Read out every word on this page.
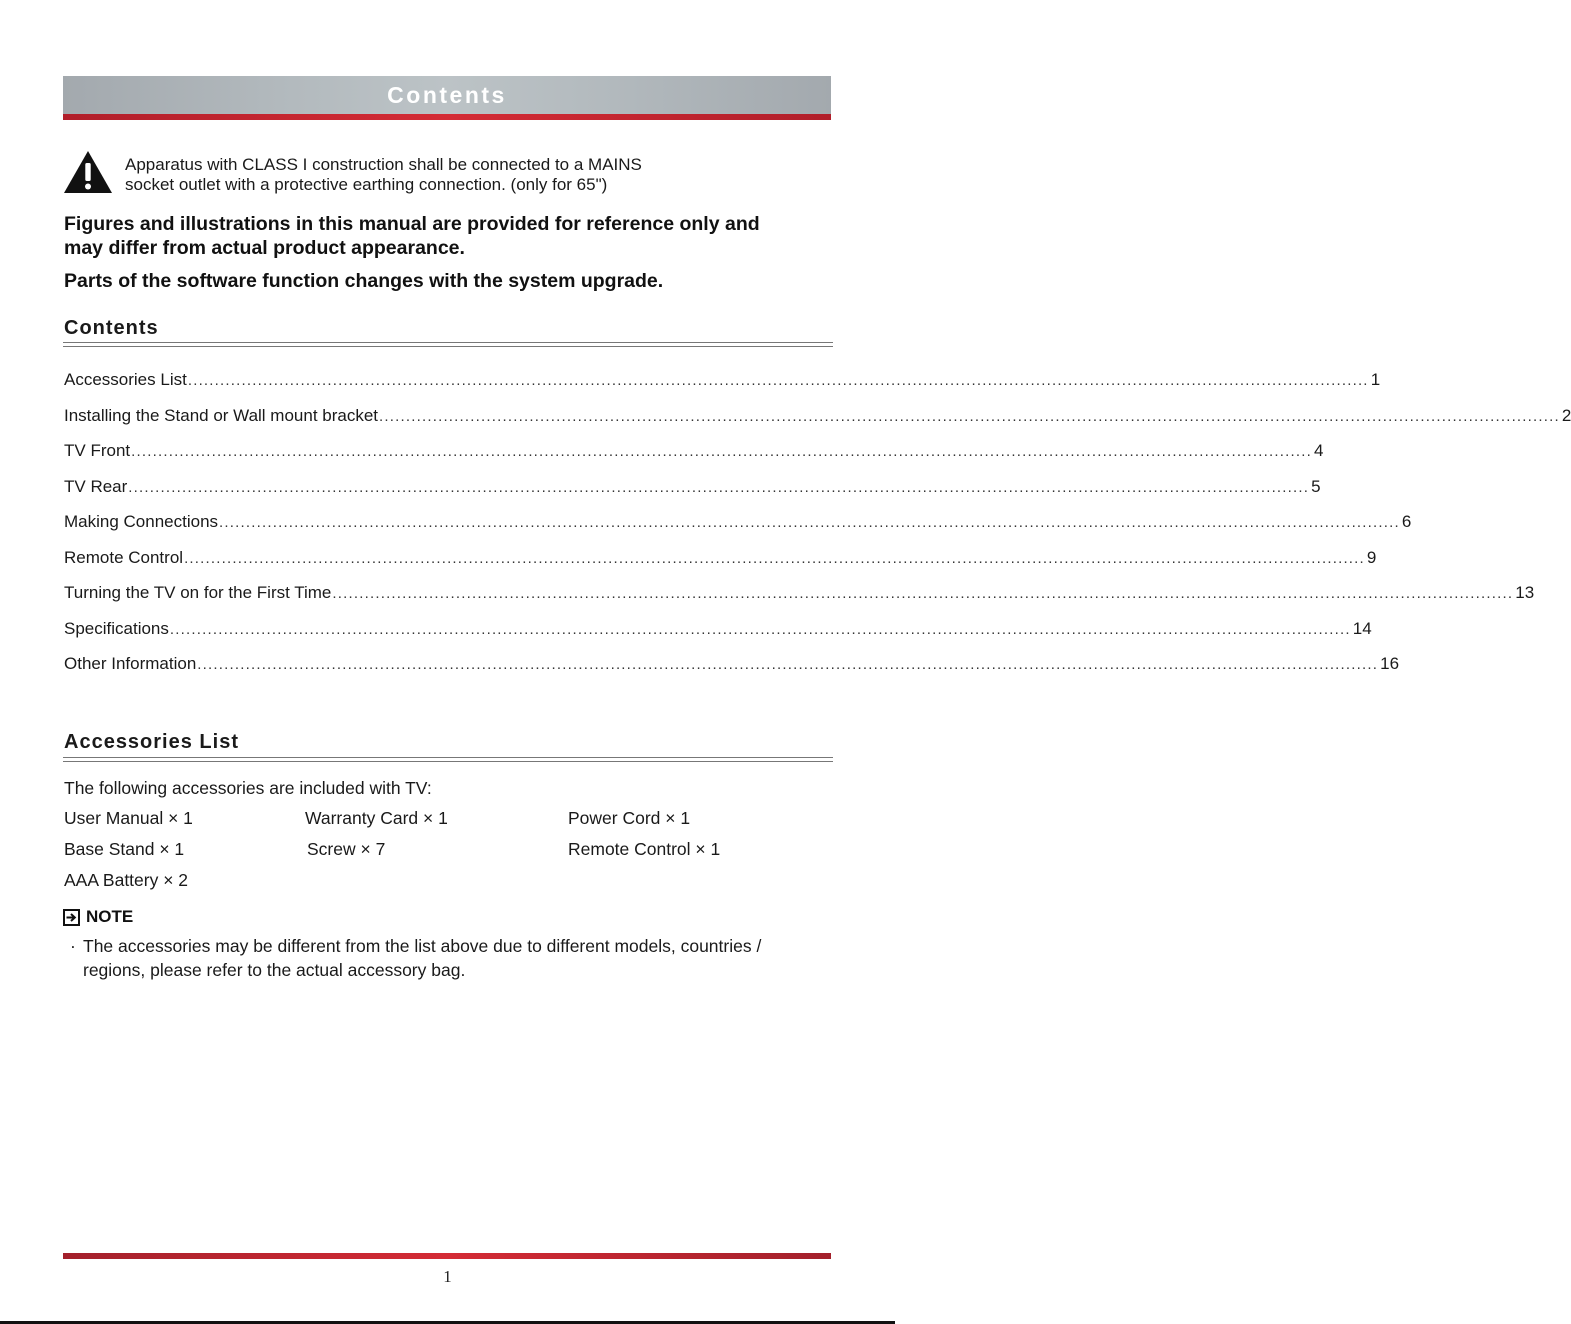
Contents
Apparatus with CLASS I construction shall be connected to a MAINS
socket outlet with a protective earthing connection. (only for 65")
Figures and illustrations in this manual are provided for reference only and
may differ from actual product appearance.
Parts of the software function changes with the system upgrade.
Contents
Accessories List ............................................................................................................................................................................................................................ 1
Installing the Stand or Wall mount bracket ............................................................................................................................................................................................................................ 2
TV Front ............................................................................................................................................................................................................................ 4
TV Rear ............................................................................................................................................................................................................................ 5
Making Connections ............................................................................................................................................................................................................................ 6
Remote Control ............................................................................................................................................................................................................................ 9
Turning the TV on for the First Time ............................................................................................................................................................................................................................ 13
Specifications ............................................................................................................................................................................................................................ 14
Other Information ............................................................................................................................................................................................................................ 16
Accessories List
The following accessories are included with TV:
User Manual × 1	Warranty Card × 1	Power Cord × 1
Base Stand × 1	Screw × 7	Remote Control × 1
AAA Battery × 2
NOTE
· The accessories may be different from the list above due to different models, countries /
regions, please refer to the actual accessory bag.
1
